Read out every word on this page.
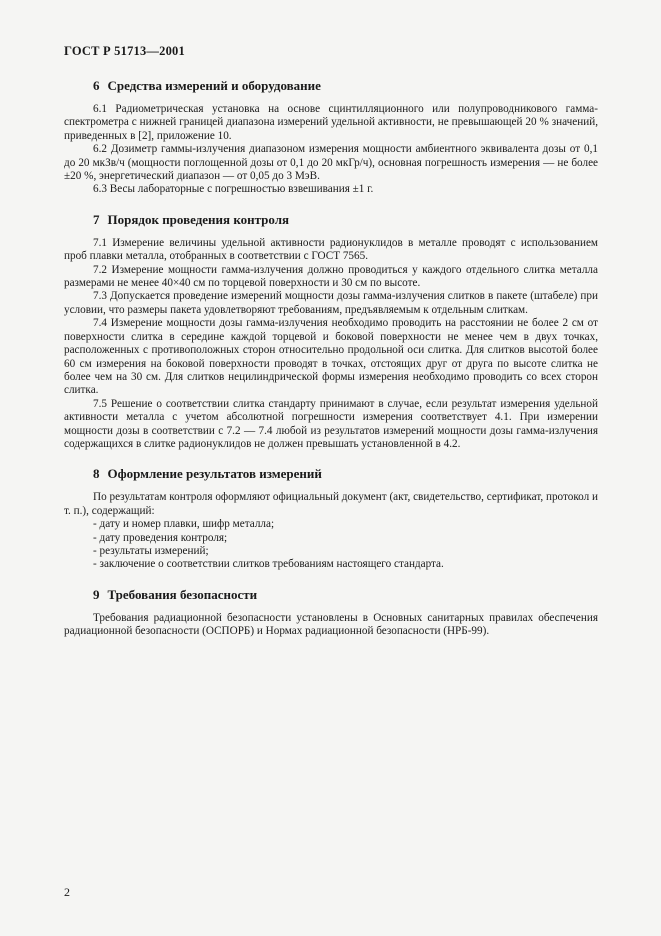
ГОСТ Р 51713—2001
6 Средства измерений и оборудование

6.1 Радиометрическая установка на основе сцинтилляционного или полупроводникового гамма-спектрометра с нижней границей диапазона измерений удельной активности, не превышающей 20 % значений, приведенных в [2], приложение 10.

6.2 Дозиметр гаммы-излучения диапазоном измерения мощности амбиентного эквивалента дозы от 0,1 до 20 мкЗв/ч (мощности поглощенной дозы от 0,1 до 20 мкГр/ч), основная погрешность измерения — не более ±20 %, энергетический диапазон — от 0,05 до 3 МэВ.

6.3 Весы лабораторные с погрешностью взвешивания ±1 г.

7 Порядок проведения контроля

7.1 Измерение величины удельной активности радионуклидов в металле проводят с использованием проб плавки металла, отобранных в соответствии с ГОСТ 7565.

7.2 Измерение мощности гамма-излучения должно проводиться у каждого отдельного слитка металла размерами не менее 40×40 см по торцевой поверхности и 30 см по высоте.

7.3 Допускается проведение измерений мощности дозы гамма-излучения слитков в пакете (штабеле) при условии, что размеры пакета удовлетворяют требованиям, предъявляемым к отдельным слиткам.

7.4 Измерение мощности дозы гамма-излучения необходимо проводить на расстоянии не более 2 см от поверхности слитка в середине каждой торцевой и боковой поверхности не менее чем в двух точках, расположенных с противоположных сторон относительно продольной оси слитка. Для слитков высотой более 60 см измерения на боковой поверхности проводят в точках, отстоящих друг от друга по высоте слитка не более чем на 30 см. Для слитков нецилиндрической формы измерения необходимо проводить со всех сторон слитка.

7.5 Решение о соответствии слитка стандарту принимают в случае, если результат измерения удельной активности металла с учетом абсолютной погрешности измерения соответствует 4.1. При измерении мощности дозы в соответствии с 7.2 — 7.4 любой из результатов измерений мощности дозы гамма-излучения содержащихся в слитке радионуклидов не должен превышать установленной в 4.2.

8 Оформление результатов измерений

По результатам контроля оформляют официальный документ (акт, свидетельство, сертификат, протокол и т. п.), содержащий:

- дату и номер плавки, шифр металла;
- дату проведения контроля;
- результаты измерений;
- заключение о соответствии слитков требованиям настоящего стандарта.
9 Требования безопасности

Требования радиационной безопасности установлены в Основных санитарных правилах обеспечения радиационной безопасности (ОСПОРБ) и Нормах радиационной безопасности (НРБ-99).

2
